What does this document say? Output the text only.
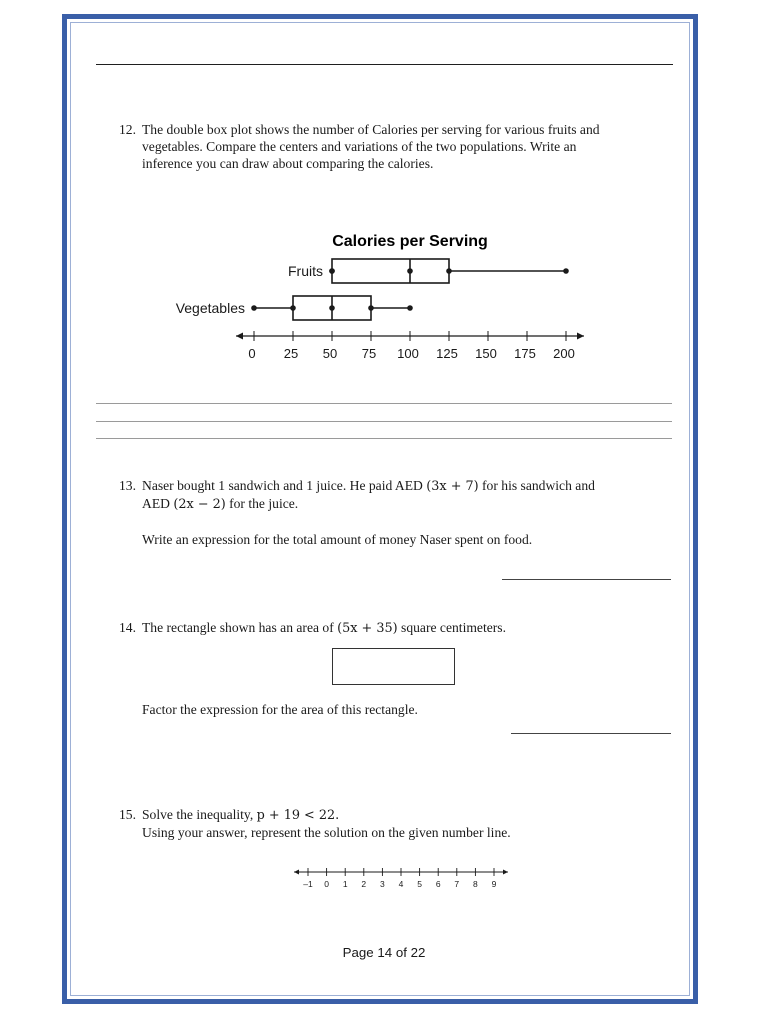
12. The double box plot shows the number of Calories per serving for various fruits and
vegetables. Compare the centers and variations of the two populations. Write an
inference you can draw about comparing the calories.
Calories per Serving
Fruits
Vegetables
0 25 50 75 100 125 150 175 200
13. Naser bought 1 sandwich and 1 juice. He paid AED (3x + 7) for his sandwich and
AED (2x − 2) for the juice.
Write an expression for the total amount of money Naser spent on food.
14. The rectangle shown has an area of (5x + 35) square centimeters.
Factor the expression for the area of this rectangle.
15. Solve the inequality, p + 19 < 22.
Using your answer, represent the solution on the given number line.
–1 0 1 2 3 4 5 6 7 8 9
Page 14 of 22
